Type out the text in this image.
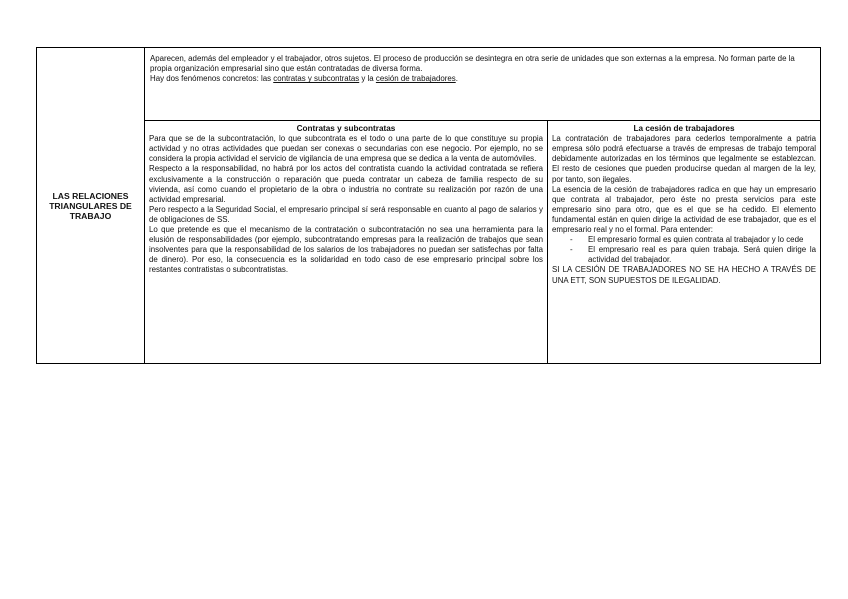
LAS RELACIONES TRIANGULARES DE TRABAJO

Aparecen, además del empleador y el trabajador, otros sujetos. El proceso de producción se desintegra en otra serie de unidades que son externas a la empresa. No forman parte de la propia organización empresarial sino que están contratadas de diversa forma.

Hay dos fenómenos concretos: las contratas y subcontratas y la cesión de trabajadores.

Contratas y subcontratas

Para que se de la subcontratación, lo que subcontrata es el todo o una parte de lo que constituye su propia actividad y no otras actividades que puedan ser conexas o secundarias con ese negocio. Por ejemplo, no se considera la propia actividad el servicio de vigilancia de una empresa que se dedica a la venta de automóviles.

Respecto a la responsabilidad, no habrá por los actos del contratista cuando la actividad contratada se refiera exclusivamente a la construcción o reparación que pueda contratar un cabeza de familia respecto de su vivienda, así como cuando el propietario de la obra o industria no contrate su realización por razón de una actividad empresarial.

Pero respecto a la Seguridad Social, el empresario principal sí será responsable en cuanto al pago de salarios y de obligaciones de SS.

Lo que pretende es que el mecanismo de la contratación o subcontratación no sea una herramienta para la elusión de responsabilidades (por ejemplo, subcontratando empresas para la realización de trabajos que sean insolventes para que la responsabilidad de los salarios de los trabajadores no puedan ser satisfechas por falta de dinero). Por eso, la consecuencia es la solidaridad en todo caso de ese empresario principal sobre los restantes contratistas o subcontratistas.

La cesión de trabajadores

La contratación de trabajadores para cederlos temporalmente a patria empresa sólo podrá efectuarse a través de empresas de trabajo temporal debidamente autorizadas en los términos que legalmente se establezcan. El resto de cesiones que pueden producirse quedan al margen de la ley, por tanto, son ilegales.

La esencia de la cesión de trabajadores radica en que hay un empresario que contrata al trabajador, pero éste no presta servicios para este empresario sino para otro, que es el que se ha cedido. El elemento fundamental están en quien dirige la actividad de ese trabajador, que es el empresario real y no el formal. Para entender:

- El empresario formal es quien contrata al trabajador y lo cede
- El empresario real es para quien trabaja. Será quien dirige la actividad del trabajador.

SI LA CESIÓN DE TRABAJADORES NO SE HA HECHO A TRAVÉS DE UNA ETT, SON SUPUESTOS DE ILEGALIDAD.
